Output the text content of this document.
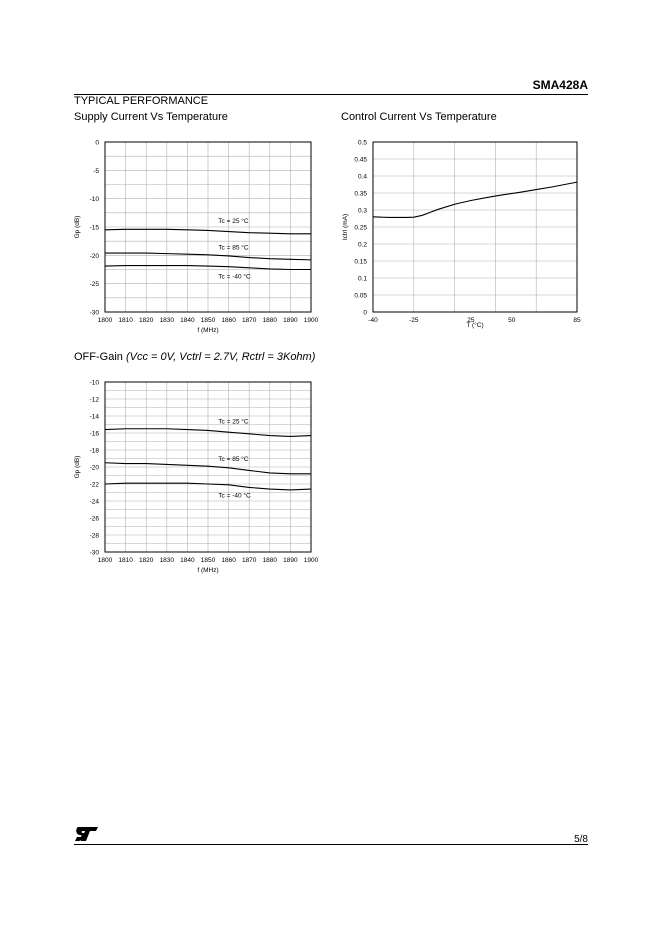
SMA428A
TYPICAL PERFORMANCE
Supply Current Vs Temperature	Control Current Vs Temperature
OFF-Gain (Vcc = 0V, Vctrl = 2.7V, Rctrl = 3Kohm)
0
-5
-10
-15
-20
-25
-30
1800 1810 1820 1830 1840 1850 1860 1870 1880 1890 1900
f (MHz)
Gp (dB)	Tc = 25 °C
Tc = 85 °C
Tc = -40 °C
0
0.05
0.1
0.15
0.2
0.25
0.3
0.35
0.4
0.45
0.5
-40	-25	25	50	85
T (°C)
Ictrl (mA)
-10
-12
-14
-16
-18
-20
-22
-24
-26
-28
-30
1800 1810 1820 1830 1840 1850 1860 1870 1880 1890 1900
f (MHz)
Gp (dB)
Tc = 25 °C
Tc = 85 °C
Tc = -40 °C
5/8
